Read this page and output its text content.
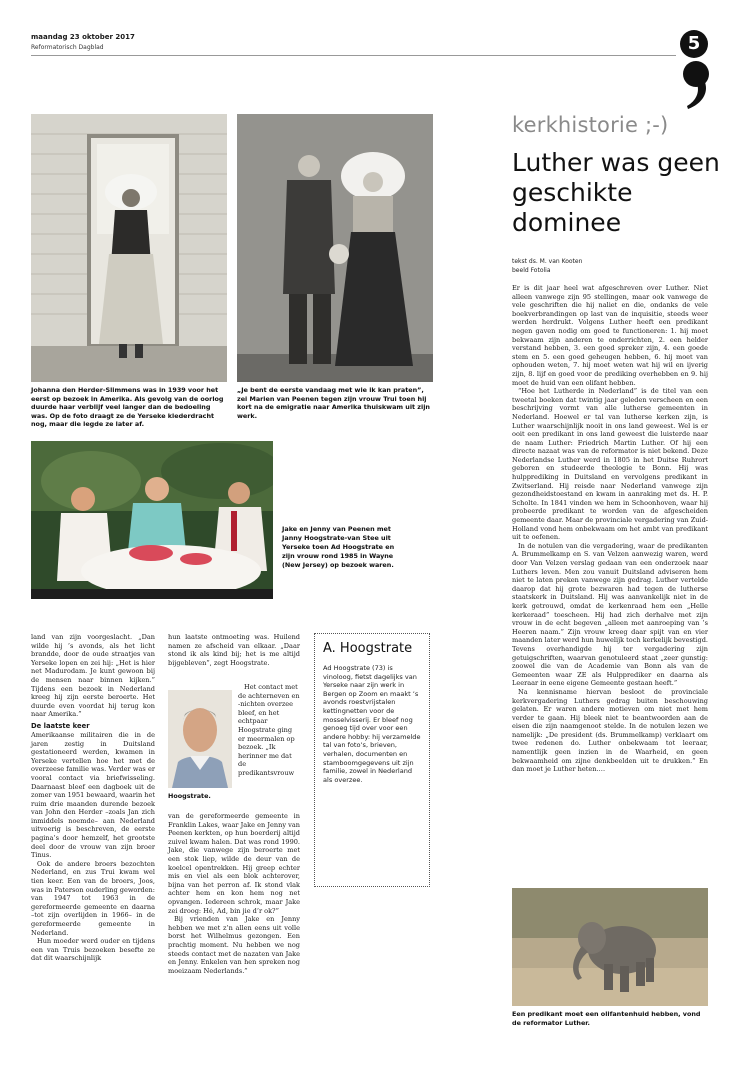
maandag 23 oktober 2017
Reformatorisch Dagblad	5
Johanna den Herder-Slimmens was in 1939 voor het eerst op bezoek in Amerika. Als gevolg van de oorlog duurde haar verblijf veel langer dan de bedoeling was. Op de foto draagt ze de Yerseke klederdracht nog, maar die legde ze later af.
„Je bent de eerste vandaag met wie ik kan praten”, zei Marien van Peenen tegen zijn vrouw Trui toen hij kort na de emigratie naar Amerika thuiskwam uit zijn werk.
Jake en Jenny van Peenen met Janny Hoogstrate-van Stee uit Yerseke toen Ad Hoogstrate en zijn vrouw rond 1985 in Wayne (New Jersey) op bezoek waren.
kerkhistorie ;-)
Luther was geen geschikte dominee
tekst ds. M. van Kooten
beeld Fotolia

Er is dit jaar heel wat afgeschreven over Luther. Niet alleen vanwege zijn 95 stellingen, maar ook vanwege de vele geschriften die hij naliet en die, ondanks de vele boekverbrandingen op last van de inquisitie, steeds weer werden herdrukt. Volgens Luther heeft een predikant negen gaven nodig om goed te functioneren: 1. hij moet bekwaam zijn anderen te onderrichten, 2. een helder verstand hebben, 3. een goed spreker zijn, 4. een goede stem en 5. een goed geheugen hebben, 6. hij moet van ophouden weten, 7. hij moet weten wat hij wil en ijverig zijn, 8. lijf en goed voor de prediking overhebben en 9. hij moet de huid van een olifant hebben.

“Hoe het Lutherde in Nederland” is de titel van een tweetal boeken dat twintig jaar geleden verscheen en een beschrijving vormt van alle lutherse gemeenten in Nederland. Hoewel er tal van lutherse kerken zijn, is Luther waarschijnlijk nooit in ons land geweest. Wel is er ooit een predikant in ons land geweest die luisterde naar de naam Luther: Friedrich Martin Luther. Of hij een directe nazaat was van de reformator is niet bekend. Deze Nederlandse Luther werd in 1805 in het Duitse Ruhrort geboren en studeerde theologie te Bonn. Hij was hulpprediking in Duitsland en vervolgens predikant in Zwitserland. Hij reisde naar Nederland vanwege zijn gezondheidstoestand en kwam in aanraking met ds. H. P. Scholte. In 1841 vinden we hem in Schoonhoven, waar hij probeerde predikant te worden van de afgescheiden gemeente daar. Maar de provinciale vergadering van Zuid-Holland vond hem onbekwaam om het ambt van predikant uit te oefenen.

In de notulen van die vergadering, waar de predikanten A. Brummelkamp en S. van Velzen aanwezig waren, werd door Van Velzen verslag gedaan van een onderzoek naar Luthers leven. Men zou vanuit Duitsland adviseren hem niet te laten preken vanwege zijn gedrag. Luther vertelde daarop dat hij grote bezwaren had tegen de lutherse staatskerk in Duitsland. Hij was aanvankelijk niet in de kerk getrouwd, omdat de kerkenraad hem een „Helle kerkeraad” toescheen. Hij had zich derhalve met zijn vrouw in de echt begeven „alleen met aanroeping van ’s Heeren naam.” Zijn vrouw kreeg daar spijt van en vier maanden later werd hun huwelijk toch kerkelijk bevestigd. Tevens overhandigde hij ter vergadering zijn getuigschriften, waarvan genotuleerd staat „zeer gunstig: zoowel die van de Academie van Bonn als van de Gemeenten waar ZE als Hulpprediker en daarna als Leeraar in eene eigene Gemeente gestaan heeft.”

Na kennisname hiervan besloot de provinciale kerkvergadering Luthers gedrag buiten beschouwing gelaten. Er waren andere motieven om niet met hem verder te gaan. Hij bleek niet te beantwoorden aan de eisen die zijn naamgenoot stelde. In de notulen lezen we namelijk: „De president (ds. Brummelkamp) verklaart om twee redenen do. Luther onbekwaam tot leeraar, namentlijk geen inzien in de Waarheid, en geen bekwaamheid om zijne denkbeelden uit te drukken.” En dan moet je Luther heten….

Een predikant moet een olifantenhuid hebben, vond de reformator Luther.

land van zijn voorgeslacht. „Dan wilde hij ’s avonds, als het licht brandde, door de oude straatjes van Yerseke lopen en zei hij: „Het is hier net Madurodam. Je kunt gewoon bij de mensen naar binnen kijken.” Tijdens een bezoek in Nederland kreeg hij zijn eerste beroerte. Het duurde even voordat hij terug kon naar Amerika.”

De laatste keer

Amerikaanse militairen die in de jaren zestig in Duitsland gestationeerd werden, kwamen in Yerseke vertellen hoe het met de overzeese familie was. Verder was er vooral contact via briefwisseling. Daarnaast bleef een dagboek uit de zomer van 1951 bewaard, waarin het ruim drie maanden durende bezoek van John den Herder –zoals Jan zich inmiddels noemde– aan Nederland uitvoerig is beschreven, de eerste pagina’s door hemzelf, het grootste deel door de vrouw van zijn broer Tinus.

Ook de andere broers bezochten Nederland, en zus Trui kwam wel tien keer. Een van de broers, Joos, was in Paterson ouderling geworden: van 1947 tot 1963 in de gereformeerde gemeente en daarna –tot zijn overlijden in 1966– in de gereformeerde gemeente in Nederland.

Hun moeder werd ouder en tijdens een van Truis bezoeken besefte ze dat dit waarschijnlijk

hun laatste ontmoeting was. Huilend namen ze afscheid van elkaar. „Daar stond ik als kind bij; het is me altijd bijgebleven”, zegt Hoogstrate.

Hoogstrate.

Het contact met de achterneven en -nichten overzee bleef, en het echtpaar Hoogstrate ging er meermalen op bezoek. „Ik herinner me dat de predikantsvrouw

van de gereformeerde gemeente in Franklin Lakes, waar Jake en Jenny van Peenen kerkten, op hun boerderij altijd zuivel kwam halen. Dat was rond 1990. Jake, die vanwege zijn beroerte met een stok liep, wilde de deur van de koelcel opentrekken. Hij greep echter mis en viel als een blok achterover, bijna van het perron af. Ik stond vlak achter hem en kon hem nog net opvangen. Iedereen schrok, maar Jake zei droog: Hé, Ad, bin jie d’r ok?”

Bij vrienden van Jake en Jenny hebben we met z’n allen eens uit volle borst het Wilhelmus gezongen. Een prachtig moment. Nu hebben we nog steeds contact met de nazaten van Jake en Jenny. Enkelen van hen spreken nog moeizaam Nederlands.”

A. Hoogstrate
Ad Hoogstrate (73) is vinoloog, fietst dagelijks van Yerseke naar zijn werk in Bergen op Zoom en maakt ’s avonds roestvrijstalen kettingnetten voor de mosselvisserij. Er bleef nog genoeg tijd over voor een andere hobby: hij verzamelde tal van foto’s, brieven, verhalen, documenten en stamboomgegevens uit zijn familie, zowel in Nederland als overzee.
